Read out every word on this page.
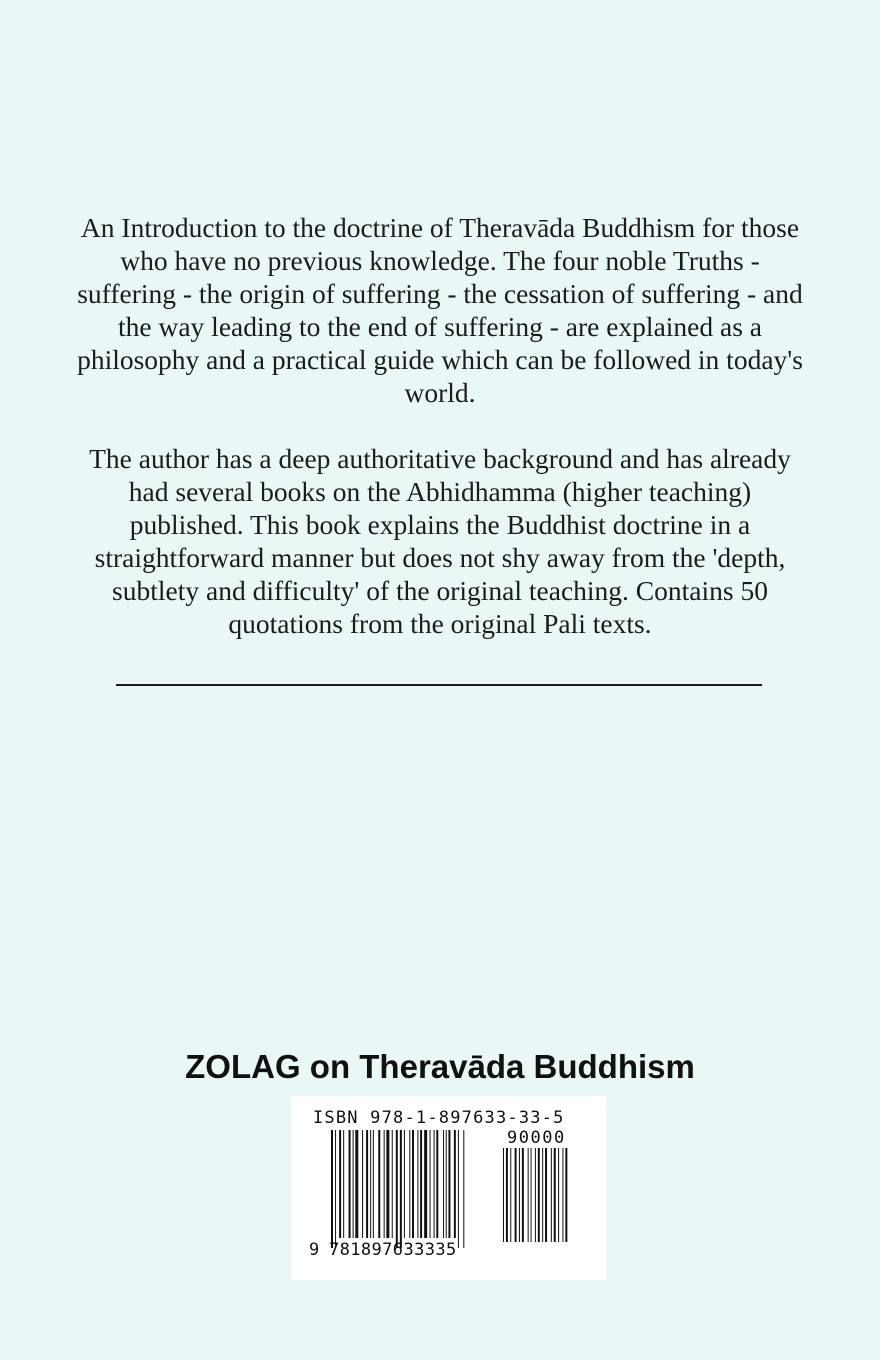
An Introduction to the doctrine of Theravāda Buddhism for those who have no previous knowledge. The four noble Truths - suffering - the origin of suffering - the cessation of suffering - and the way leading to the end of suffering - are explained as a philosophy and a practical guide which can be followed in today's world.

The author has a deep authoritative background and has already had several books on the Abhidhamma (higher teaching) published. This book explains the Buddhist doctrine in a straightforward manner but does not shy away from the 'depth, subtlety and difficulty' of the original teaching. Contains 50 quotations from the original Pali texts.

ZOLAG on Theravāda Buddhism
ISBN 978-1-897633-33-5
90000
9 781897633335
